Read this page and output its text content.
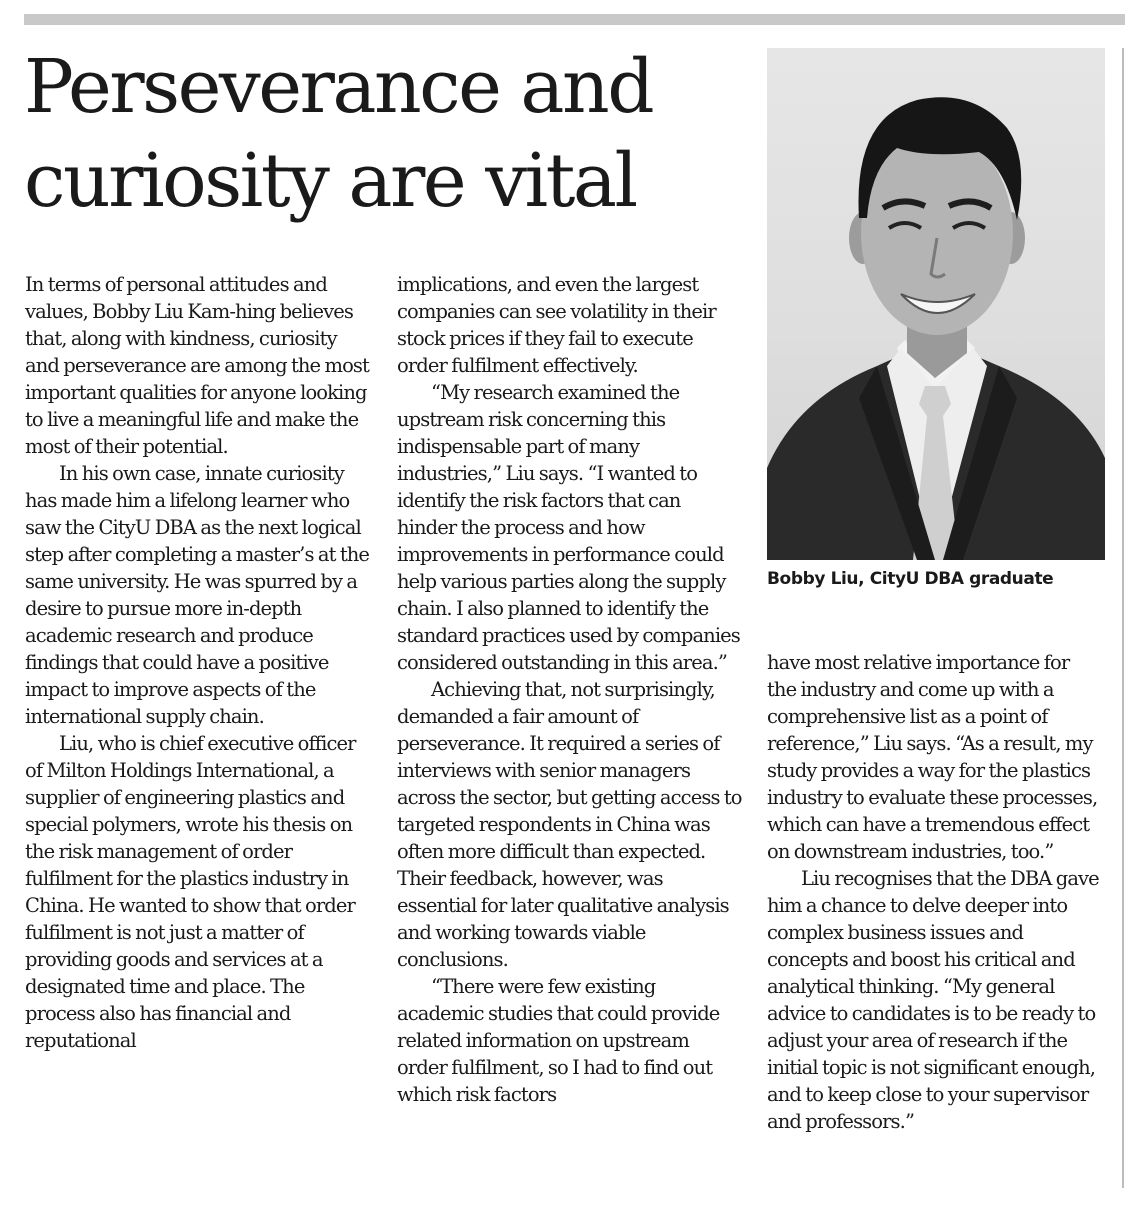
Perseverance and
curiosity are vital

In terms of personal attitudes and values, Bobby Liu Kam-hing believes that, along with kindness, curiosity and perseverance are among the most important qualities for anyone looking to live a meaningful life and make the most of their potential.

In his own case, innate curiosity has made him a lifelong learner who saw the CityU DBA as the next logical step after completing a master’s at the same university. He was spurred by a desire to pursue more in-depth academic research and produce findings that could have a positive impact to improve aspects of the international supply chain.

Liu, who is chief executive officer of Milton Holdings International, a supplier of engineering plastics and special polymers, wrote his thesis on the risk management of order fulfilment for the plastics industry in China. He wanted to show that order fulfilment is not just a matter of providing goods and services at a designated time and place. The process also has financial and reputational

implications, and even the largest companies can see volatility in their stock prices if they fail to execute order fulfilment effectively.

“My research examined the upstream risk concerning this indispensable part of many industries,” Liu says. “I wanted to identify the risk factors that can hinder the process and how improvements in performance could help various parties along the supply chain. I also planned to identify the standard practices used by companies considered outstanding in this area.”

Achieving that, not surprisingly, demanded a fair amount of perseverance. It required a series of interviews with senior managers across the sector, but getting access to targeted respondents in China was often more difficult than expected. Their feedback, however, was essential for later qualitative analysis and working towards viable conclusions.

“There were few existing academic studies that could provide related information on upstream order fulfilment, so I had to find out which risk factors

Bobby Liu, CityU DBA graduate

have most relative importance for the industry and come up with a comprehensive list as a point of reference,” Liu says. “As a result, my study provides a way for the plastics industry to evaluate these processes, which can have a tremendous effect on downstream industries, too.”

Liu recognises that the DBA gave him a chance to delve deeper into complex business issues and concepts and boost his critical and analytical thinking. “My general advice to candidates is to be ready to adjust your area of research if the initial topic is not significant enough, and to keep close to your supervisor and professors.”
